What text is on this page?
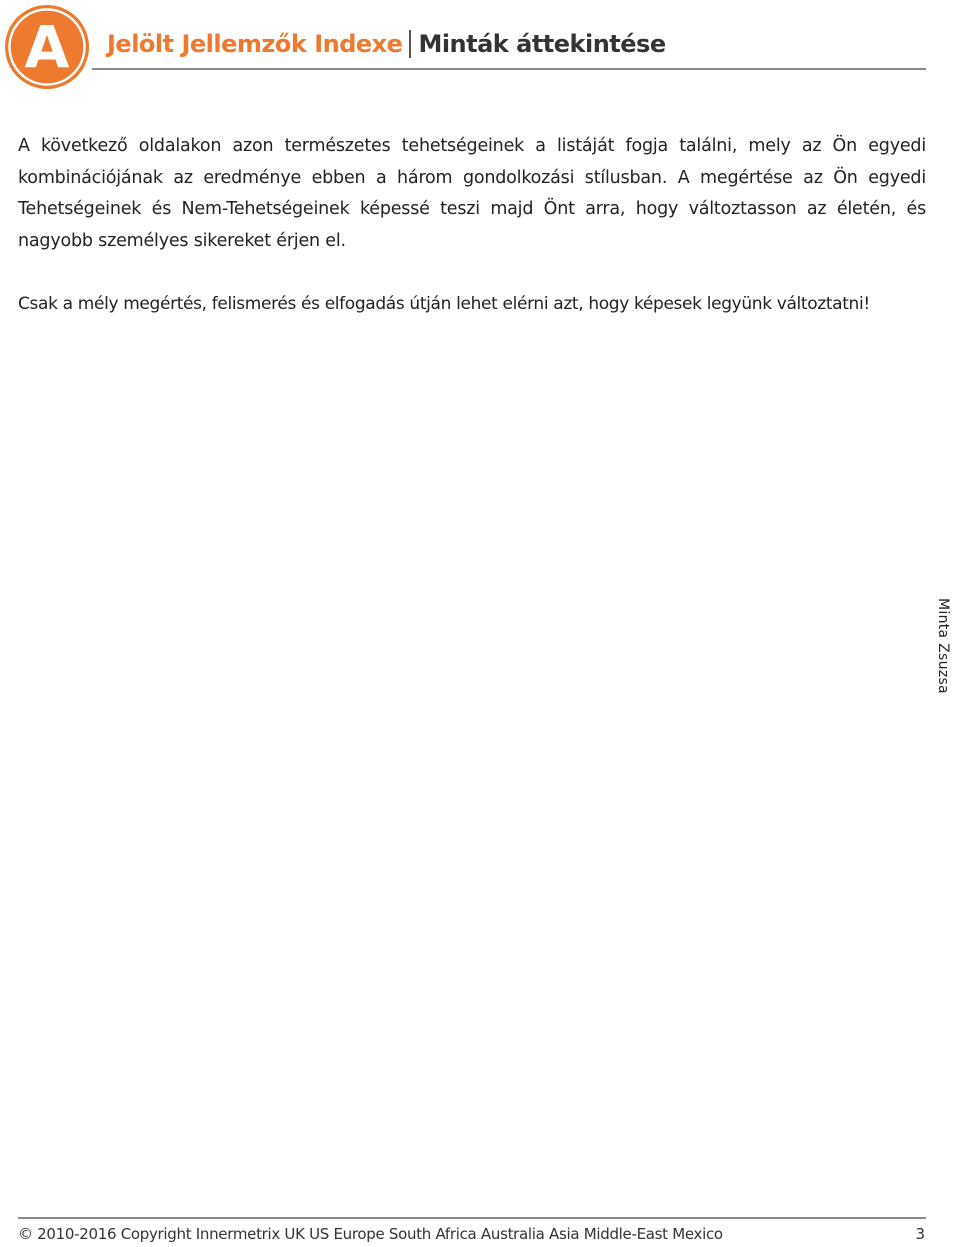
A Jelölt Jellemzők Indexe Minták áttekintése

A következő oldalakon azon természetes tehetségeinek a listáját fogja találni, mely az Ön egyedi kombinációjának az eredménye ebben a három gondolkozási stílusban. A megértése az Ön egyedi Tehetségeinek és Nem-Tehetségeinek képessé teszi majd Önt arra, hogy változtasson az életén, és nagyobb személyes sikereket érjen el.

Csak a mély megértés, felismerés és elfogadás útján lehet elérni azt, hogy képesek legyünk változtatni!

Minta Zsuzsa
© 2010-2016 Copyright Innermetrix UK US Europe South Africa Australia Asia Middle-East Mexico	3
